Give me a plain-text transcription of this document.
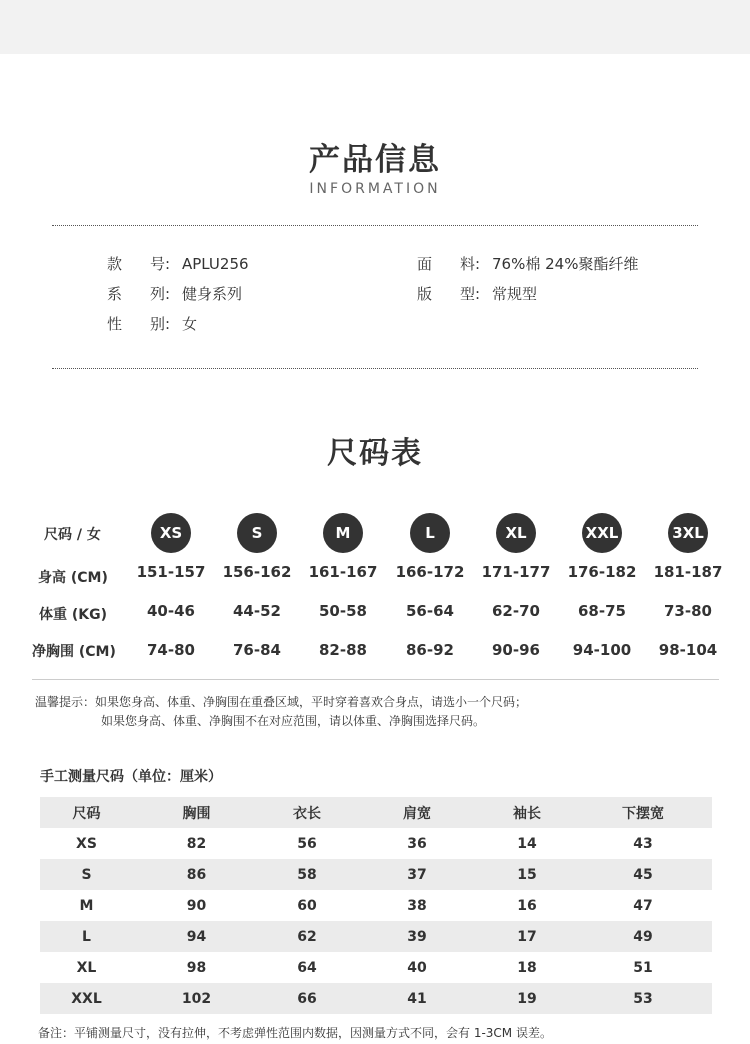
产品信息
INFORMATION
款 号: APLU256	面 料: 76%棉 24%聚酯纤维
系 列: 健身系列	版 型: 常规型
性 别: 女
尺码表
尺码 / 女	XS	S	M	L	XL	XXL	3XL
身高 (CM)	151-157	156-162	161-167	166-172	171-177	176-182	181-187
体重 (KG)	40-46	44-52	50-58	56-64	62-70	68-75	73-80
净胸围 (CM)	74-80	76-84	82-88	86-92	90-96	94-100	98-104
温馨提示：如果您身高、体重、净胸围在重叠区域，平时穿着喜欢合身点，请选小一个尺码；
如果您身高、体重、净胸围不在对应范围，请以体重、净胸围选择尺码。
手工测量尺码（单位：厘米）
尺码	胸围	衣长	肩宽	袖长	下摆宽
XS	82	56	36	14	43
S	86	58	37	15	45
M	90	60	38	16	47
L	94	62	39	17	49
XL	98	64	40	18	51
XXL	102	66	41	19	53
备注：平铺测量尺寸，没有拉伸，不考虑弹性范围内数据，因测量方式不同，会有 1-3CM 误差。
